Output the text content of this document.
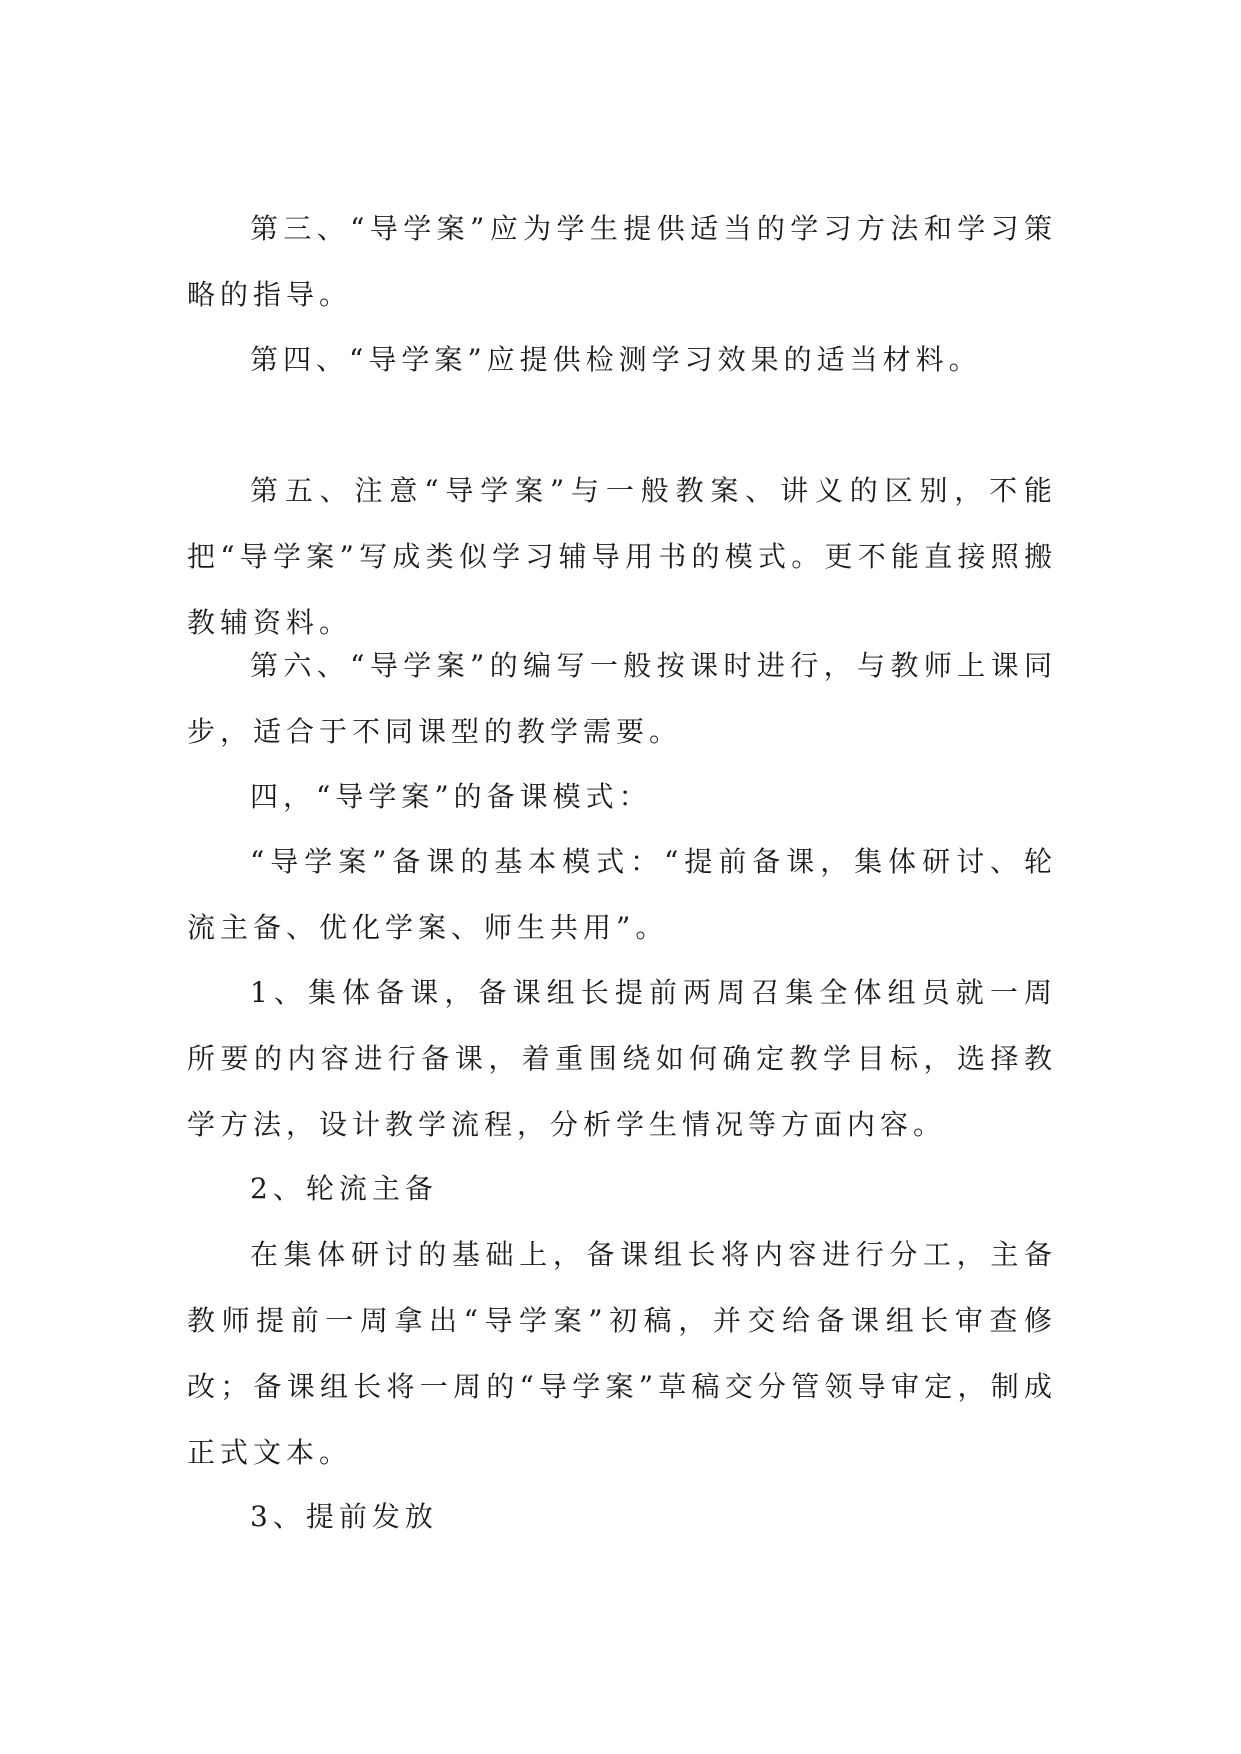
第三、“导学案”应为学生提供适当的学习方法和学习策略的指导。

第四、“导学案”应提供检测学习效果的适当材料。

第五、注意“导学案”与一般教案、讲义的区别，不能把“导学案”写成类似学习辅导用书的模式。更不能直接照搬教辅资料。

第六、“导学案”的编写一般按课时进行，与教师上课同步，适合于不同课型的教学需要。

四，“导学案”的备课模式：

“导学案”备课的基本模式：“提前备课，集体研讨、轮流主备、优化学案、师生共用”。

1、集体备课，备课组长提前两周召集全体组员就一周所要的内容进行备课，着重围绕如何确定教学目标，选择教学方法，设计教学流程，分析学生情况等方面内容。

2、轮流主备

在集体研讨的基础上，备课组长将内容进行分工，主备教师提前一周拿出“导学案”初稿，并交给备课组长审查修改；备课组长将一周的“导学案”草稿交分管领导审定，制成正式文本。

3、提前发放
